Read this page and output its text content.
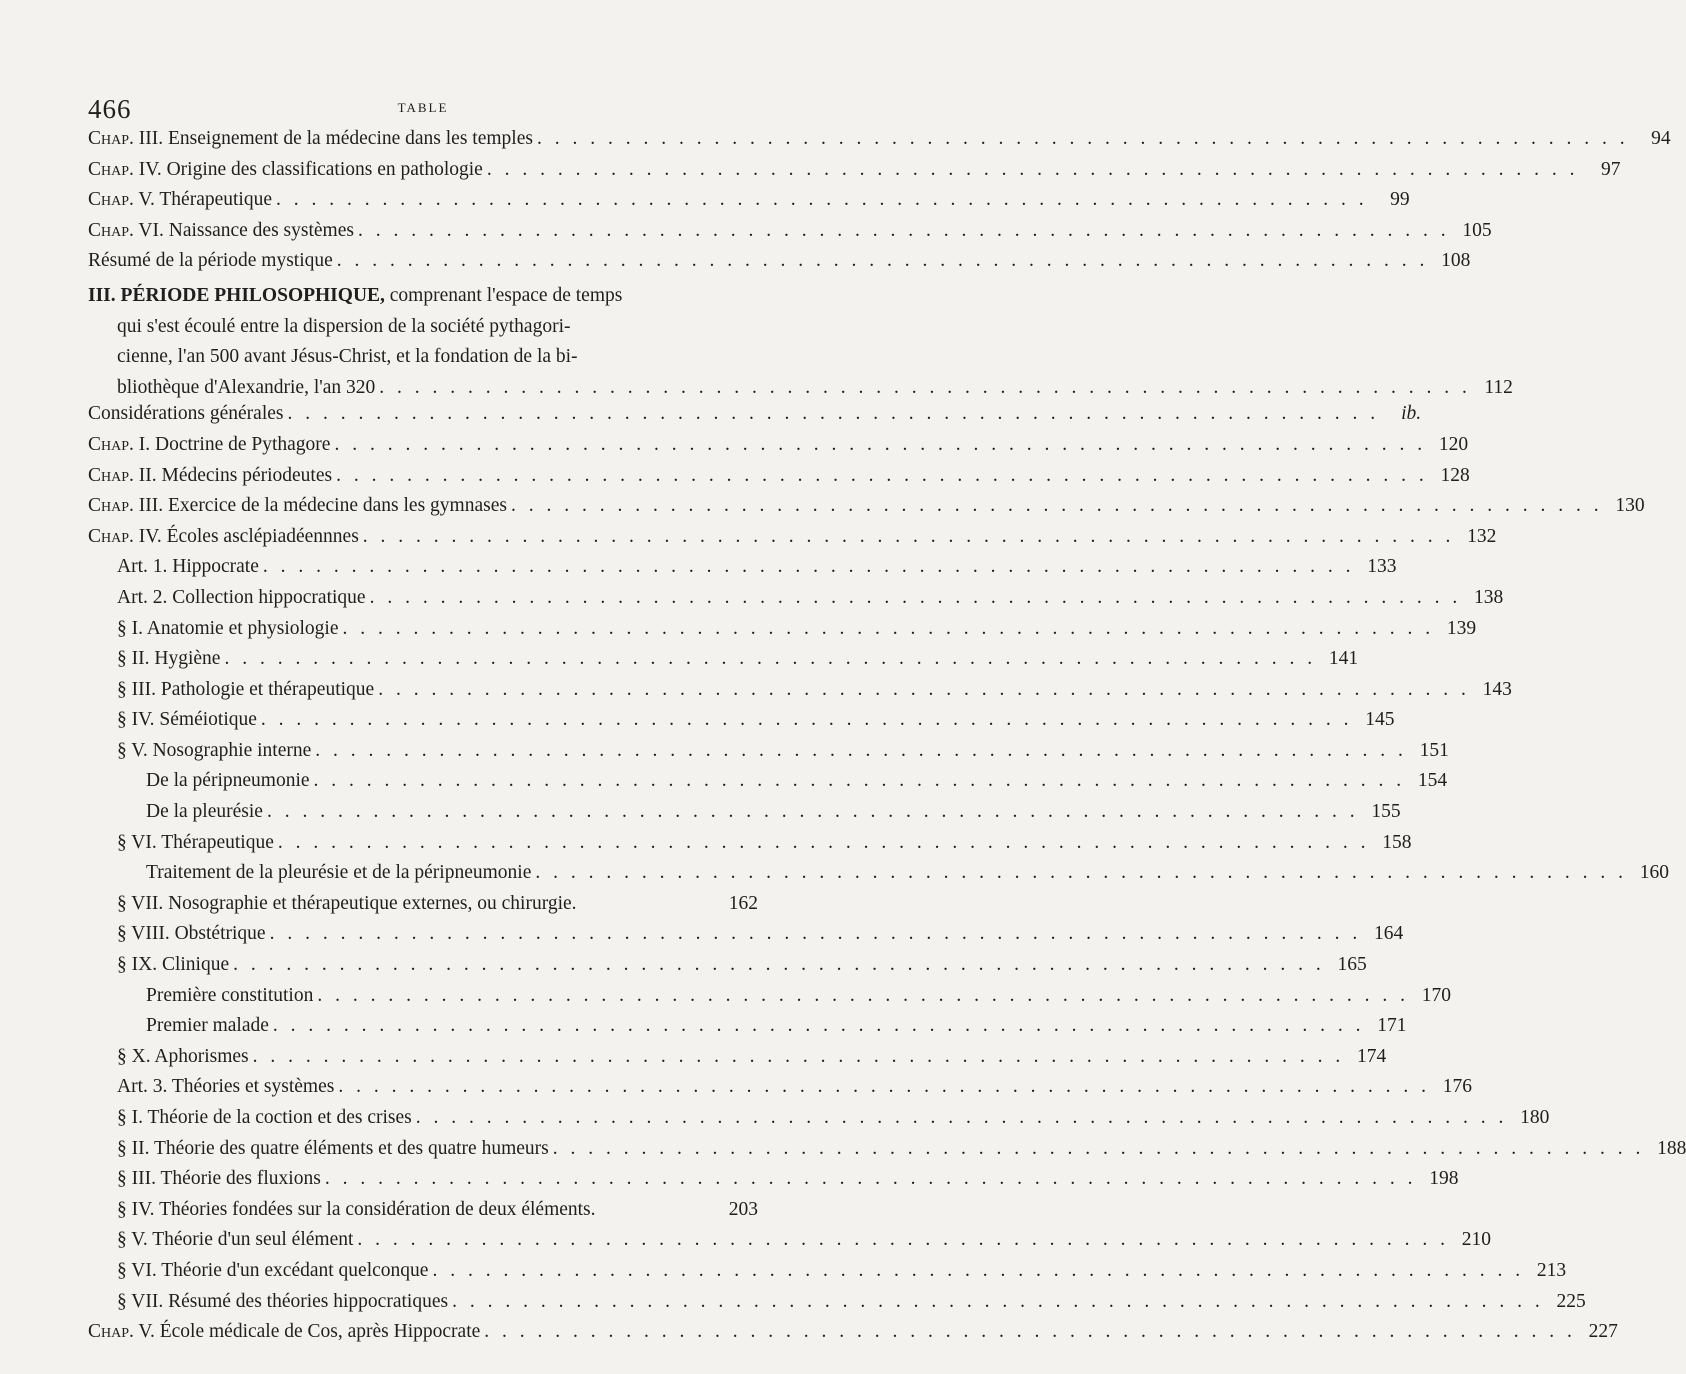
466	TABLE
Chap. III. Enseignement de la médecine dans les temples . . . . . . . . . . . . . . . . . . . . . . . . . . . . . . . . . . . . . . . . . . . . . . . . . . . . . . . . . . . . . .	94
Chap. IV. Origine des classifications en pathologie . . . . . . . . . . . . . . . . . . . . . . . . . . . . . . . . . . . . . . . . . . . . . . . . . . . . . . . . . . . . . .	97
Chap. V. Thérapeutique . . . . . . . . . . . . . . . . . . . . . . . . . . . . . . . . . . . . . . . . . . . . . . . . . . . . . . . . . . . . . .	99
Chap. VI. Naissance des systèmes . . . . . . . . . . . . . . . . . . . . . . . . . . . . . . . . . . . . . . . . . . . . . . . . . . . . . . . . . . . . . . 105
Résumé de la période mystique . . . . . . . . . . . . . . . . . . . . . . . . . . . . . . . . . . . . . . . . . . . . . . . . . . . . . . . . . . . . . . 108
III.
PÉRIODE PHILOSOPHIQUE,
comprenant l'espace de temps
qui s'est écoulé entre la dispersion de la société pythagori-
cienne, l'an 500 avant Jésus-Christ, et la fondation de la bi-
bliothèque d'Alexandrie, l'an 320 . . . . . . . . . . . . . . . . . . . . . . . . . . . . . . . . . . . . . . . . . . . . . . . . . . . . . . . . . . . . . . 112
Considérations générales . . . . . . . . . . . . . . . . . . . . . . . . . . . . . . . . . . . . . . . . . . . . . . . . . . . . . . . . . . . . . .	ib.
Chap. I. Doctrine de Pythagore . . . . . . . . . . . . . . . . . . . . . . . . . . . . . . . . . . . . . . . . . . . . . . . . . . . . . . . . . . . . . . 120
Chap. II. Médecins périodeutes . . . . . . . . . . . . . . . . . . . . . . . . . . . . . . . . . . . . . . . . . . . . . . . . . . . . . . . . . . . . . . 128
Chap. III. Exercice de la médecine dans les gymnases . . . . . . . . . . . . . . . . . . . . . . . . . . . . . . . . . . . . . . . . . . . . . . . . . . . . . . . . . . . . . . 130
Chap. IV. Écoles asclépiadéennnes . . . . . . . . . . . . . . . . . . . . . . . . . . . . . . . . . . . . . . . . . . . . . . . . . . . . . . . . . . . . . . 132
Art. 1. Hippocrate . . . . . . . . . . . . . . . . . . . . . . . . . . . . . . . . . . . . . . . . . . . . . . . . . . . . . . . . . . . . . . 133
Art. 2. Collection hippocratique . . . . . . . . . . . . . . . . . . . . . . . . . . . . . . . . . . . . . . . . . . . . . . . . . . . . . . . . . . . . . . 138
§ I. Anatomie et physiologie . . . . . . . . . . . . . . . . . . . . . . . . . . . . . . . . . . . . . . . . . . . . . . . . . . . . . . . . . . . . . . 139
§ II. Hygiène . . . . . . . . . . . . . . . . . . . . . . . . . . . . . . . . . . . . . . . . . . . . . . . . . . . . . . . . . . . . . . 141
§ III. Pathologie et thérapeutique . . . . . . . . . . . . . . . . . . . . . . . . . . . . . . . . . . . . . . . . . . . . . . . . . . . . . . . . . . . . . . 143
§ IV. Séméiotique . . . . . . . . . . . . . . . . . . . . . . . . . . . . . . . . . . . . . . . . . . . . . . . . . . . . . . . . . . . . . . 145
§ V. Nosographie interne . . . . . . . . . . . . . . . . . . . . . . . . . . . . . . . . . . . . . . . . . . . . . . . . . . . . . . . . . . . . . . 151
De la péripneumonie . . . . . . . . . . . . . . . . . . . . . . . . . . . . . . . . . . . . . . . . . . . . . . . . . . . . . . . . . . . . . . 154
De la pleurésie . . . . . . . . . . . . . . . . . . . . . . . . . . . . . . . . . . . . . . . . . . . . . . . . . . . . . . . . . . . . . . 155
§ VI. Thérapeutique . . . . . . . . . . . . . . . . . . . . . . . . . . . . . . . . . . . . . . . . . . . . . . . . . . . . . . . . . . . . . . 158
Traitement de la pleurésie et de la péripneumonie . . . . . . . . . . . . . . . . . . . . . . . . . . . . . . . . . . . . . . . . . . . . . . . . . . . . . . . . . . . . . . 160
§ VII. Nosographie et thérapeutique externes, ou chirurgie.	162
§ VIII. Obstétrique . . . . . . . . . . . . . . . . . . . . . . . . . . . . . . . . . . . . . . . . . . . . . . . . . . . . . . . . . . . . . . 164
§ IX. Clinique . . . . . . . . . . . . . . . . . . . . . . . . . . . . . . . . . . . . . . . . . . . . . . . . . . . . . . . . . . . . . . 165
Première constitution . . . . . . . . . . . . . . . . . . . . . . . . . . . . . . . . . . . . . . . . . . . . . . . . . . . . . . . . . . . . . . 170
Premier malade . . . . . . . . . . . . . . . . . . . . . . . . . . . . . . . . . . . . . . . . . . . . . . . . . . . . . . . . . . . . . . 171
§ X. Aphorismes . . . . . . . . . . . . . . . . . . . . . . . . . . . . . . . . . . . . . . . . . . . . . . . . . . . . . . . . . . . . . . 174
Art. 3. Théories et systèmes . . . . . . . . . . . . . . . . . . . . . . . . . . . . . . . . . . . . . . . . . . . . . . . . . . . . . . . . . . . . . . 176
§ I. Théorie de la coction et des crises . . . . . . . . . . . . . . . . . . . . . . . . . . . . . . . . . . . . . . . . . . . . . . . . . . . . . . . . . . . . . . 180
§ II. Théorie des quatre éléments et des quatre humeurs . . . . . . . . . . . . . . . . . . . . . . . . . . . . . . . . . . . . . . . . . . . . . . . . . . . . . . . . . . . . . . 188
§ III. Théorie des fluxions . . . . . . . . . . . . . . . . . . . . . . . . . . . . . . . . . . . . . . . . . . . . . . . . . . . . . . . . . . . . . . 198
§ IV. Théories fondées sur la considération de deux éléments.	203
§ V. Théorie d'un seul élément . . . . . . . . . . . . . . . . . . . . . . . . . . . . . . . . . . . . . . . . . . . . . . . . . . . . . . . . . . . . . . 210
§ VI. Théorie d'un excédant quelconque . . . . . . . . . . . . . . . . . . . . . . . . . . . . . . . . . . . . . . . . . . . . . . . . . . . . . . . . . . . . . . 213
§ VII. Résumé des théories hippocratiques . . . . . . . . . . . . . . . . . . . . . . . . . . . . . . . . . . . . . . . . . . . . . . . . . . . . . . . . . . . . . . 225
Chap. V. École médicale de Cos, après Hippocrate . . . . . . . . . . . . . . . . . . . . . . . . . . . . . . . . . . . . . . . . . . . . . . . . . . . . . . . . . . . . . . 227
